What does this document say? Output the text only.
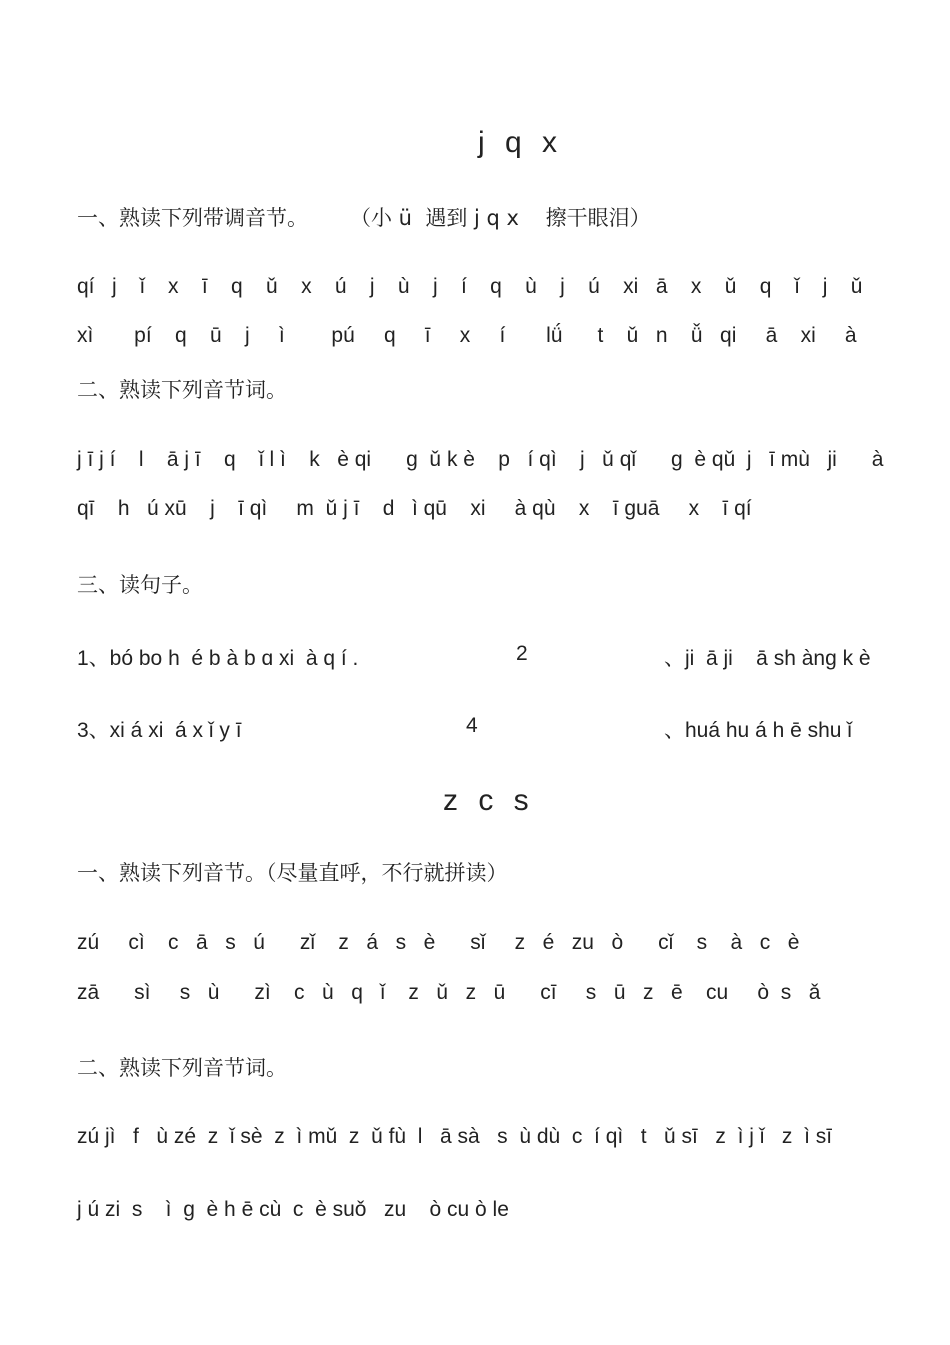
j q x
一、熟读下列带调音节。 （小 ü  遇到 j q x    擦干眼泪）
qí   j    ǐ    x    ī    q    ǔ    x    ú    j    ù    j    í    q    ù    j    ú    xi   ā    x    ǔ    q    ǐ    j    ǔ
xì       pí    q    ū    j     ì        pú     q     ī     x     í       lǘ      t    ǔ   n    ǚ   qi     ā    xi     à
二、熟读下列音节词。
j ī j í    l    ā j ī    q    ǐ l ì    k   è qi      g  ǔ k è    p   í qì    j   ǔ qǐ      g  è qǔ  j   ī mù   ji      à
qī    h   ú xū    j    ī qì     m  ǔ j ī    d   ì qū    xi     à qù    x    ī guā     x    ī qí
三、读句子。
1、bó bo h  é b à b ɑ xi  à q í .	2	、ji  ā ji    ā sh àng k è
3、xi á xi  á x ǐ y ī	4	、huá hu á h ē shu ǐ
z c s
一、熟读下列音节。（尽量直呼，不行就拼读）
zú     cì    c   ā   s   ú      zǐ    z   á   s   è      sǐ     z   é   zu   ò      cǐ    s    à   c   è
zā      sì     s   ù      zì    c   ù   q   ǐ    z   ǔ   z   ū      cī     s   ū   z   ē    cu     ò  s   ǎ
二、熟读下列音节词。
zú jì   f   ù zé  z  ǐ sè  z  ì mǔ  z  ǔ fù  l   ā sà   s  ù dù  c  í qì   t   ǔ sī   z  ì j ǐ   z  ì sī
j ú zi  s    ì  g  è h ē cù  c  è suǒ   zu    ò cu ò le
